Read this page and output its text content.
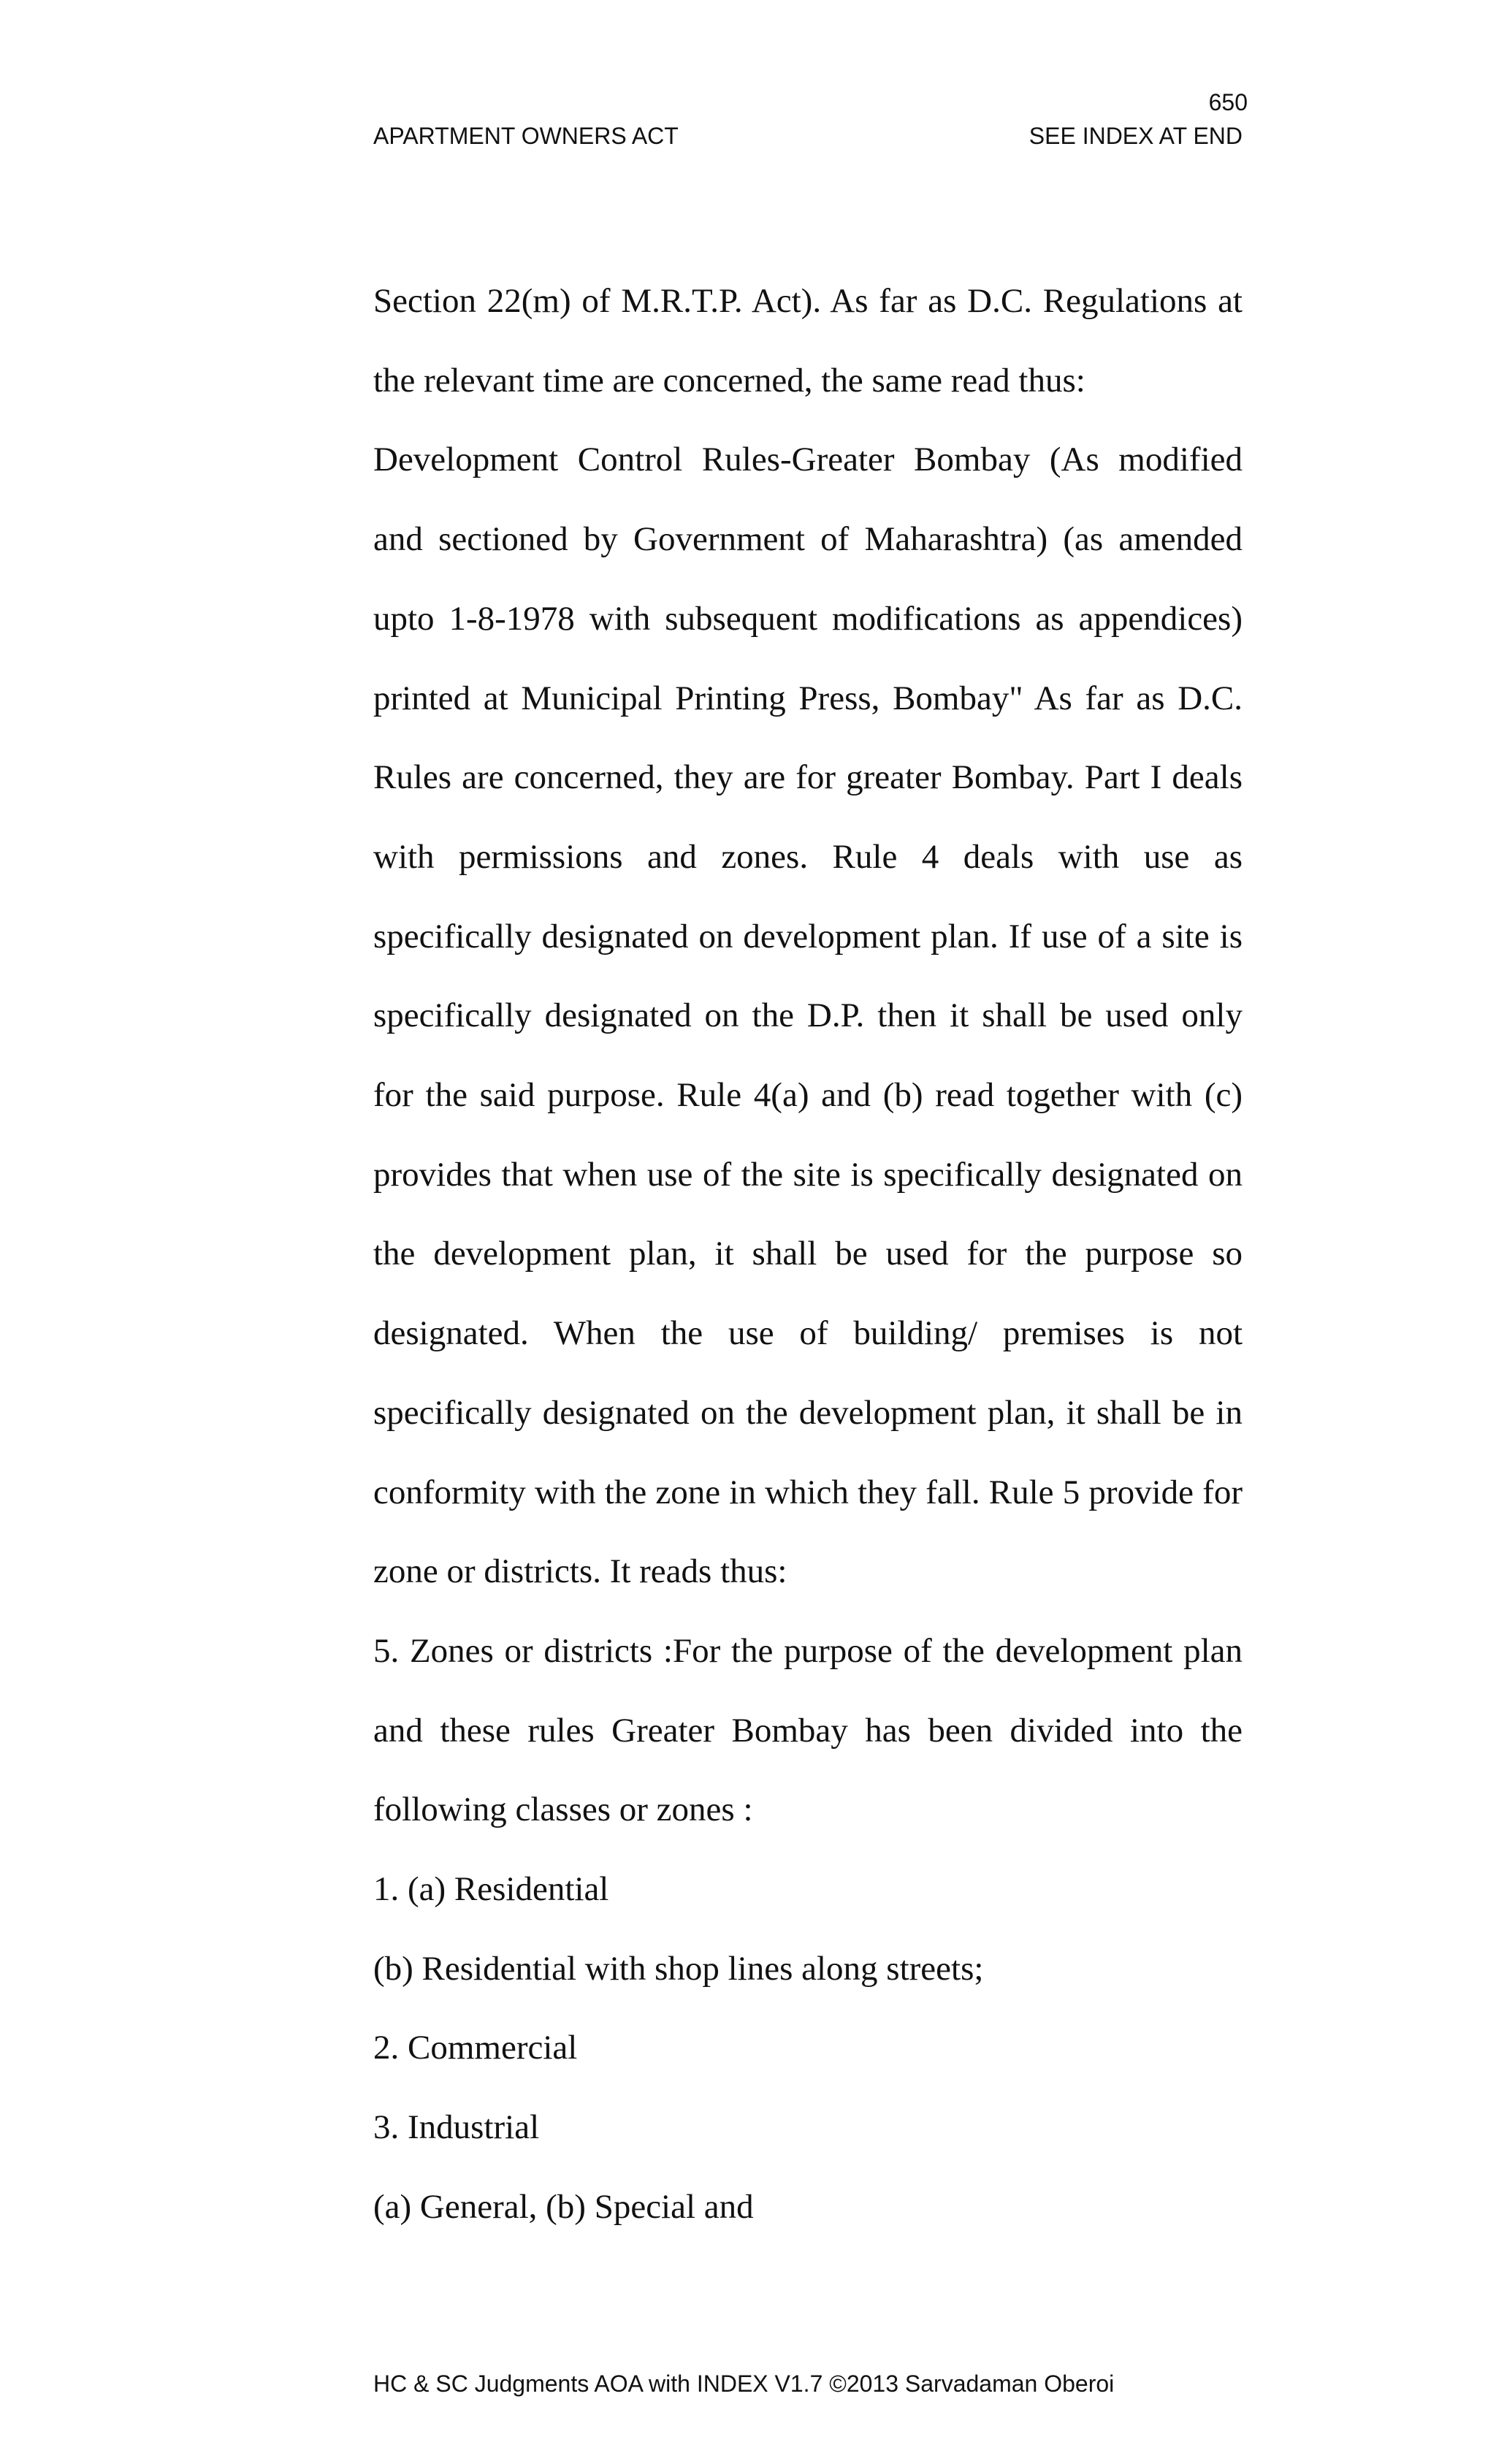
650
APARTMENT OWNERS ACT	SEE INDEX AT END

Section 22(m) of M.R.T.P. Act). As far as D.C. Regulations at the relevant time are concerned, the same read thus:

Development Control Rules-Greater Bombay (As modified and sectioned by Government of Maharashtra) (as amended upto 1-8-1978 with subsequent modifications as appendices) printed at Municipal Printing Press, Bombay" As far as D.C. Rules are concerned, they are for greater Bombay. Part I deals with permissions and zones. Rule 4 deals with use as specifically designated on development plan. If use of a site is specifically designated on the D.P. then it shall be used only for the said purpose. Rule 4(a) and (b) read together with (c) provides that when use of the site is specifically designated on the development plan, it shall be used for the purpose so designated. When the use of building/ premises is not specifically designated on the development plan, it shall be in conformity with the zone in which they fall. Rule 5 provide for zone or districts. It reads thus:

5. Zones or districts :For the purpose of the development plan and these rules Greater Bombay has been divided into the following classes or zones :

1. (a) Residential
(b) Residential with shop lines along streets;
2. Commercial
3. Industrial
(a) General, (b) Special and
HC & SC Judgments AOA with INDEX V1.7 ©2013 Sarvadaman Oberoi
